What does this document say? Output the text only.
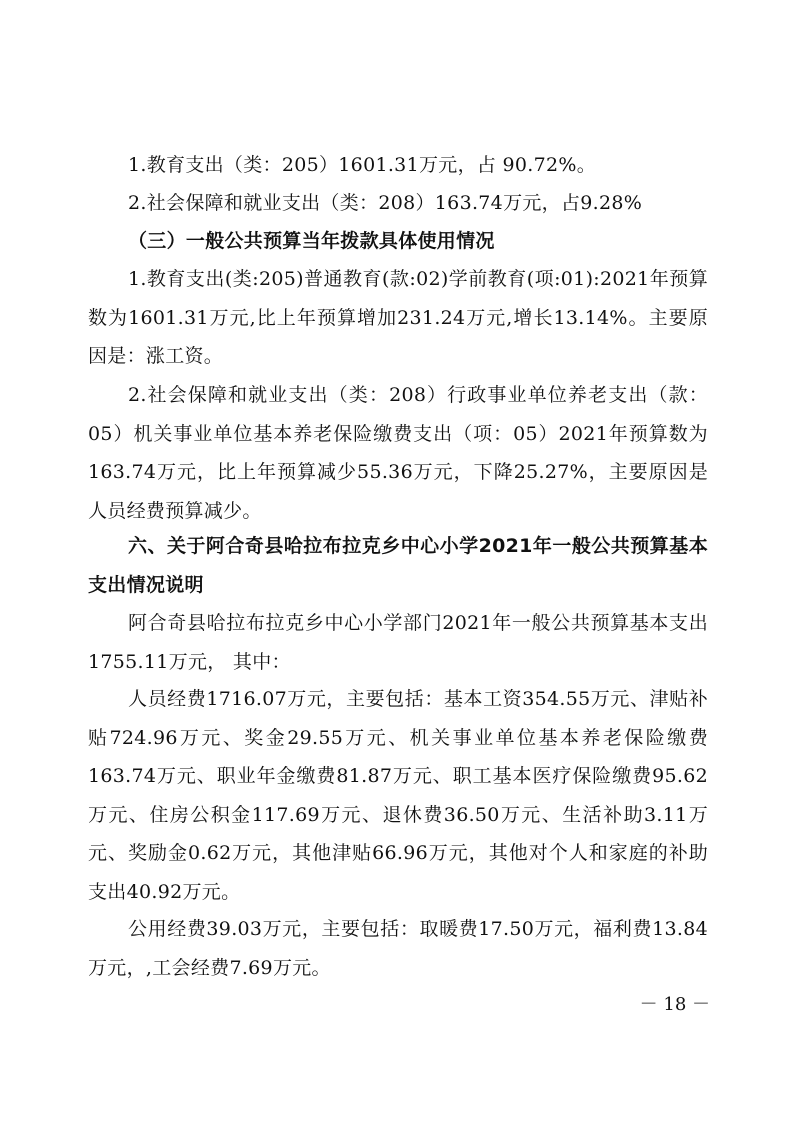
1.教育支出（类：205）1601.31万元，占 90.72%。

2.社会保障和就业支出（类：208）163.74万元，占9.28%

（三）一般公共预算当年拨款具体使用情况

1.教育支出(类:205)普通教育(款:02)学前教育(项:01):2021年预算数为1601.31万元,比上年预算增加231.24万元,增长13.14%。主要原因是：涨工资。

2.社会保障和就业支出（类：208）行政事业单位养老支出（款：05）机关事业单位基本养老保险缴费支出（项：05）2021年预算数为163.74万元，比上年预算减少55.36万元，下降25.27%，主要原因是人员经费预算减少。

六、关于阿合奇县哈拉布拉克乡中心小学2021年一般公共预算基本支出情况说明

阿合奇县哈拉布拉克乡中心小学部门2021年一般公共预算基本支出1755.11万元， 其中：

人员经费1716.07万元，主要包括：基本工资354.55万元、津贴补贴724.96万元、奖金29.55万元、机关事业单位基本养老保险缴费163.74万元、职业年金缴费81.87万元、职工基本医疗保险缴费95.62万元、住房公积金117.69万元、退休费36.50万元、生活补助3.11万元、奖励金0.62万元，其他津贴66.96万元，其他对个人和家庭的补助支出40.92万元。

公用经费39.03万元，主要包括：取暖费17.50万元，福利费13.84万元，,工会经费7.69万元。

－ 18 －
